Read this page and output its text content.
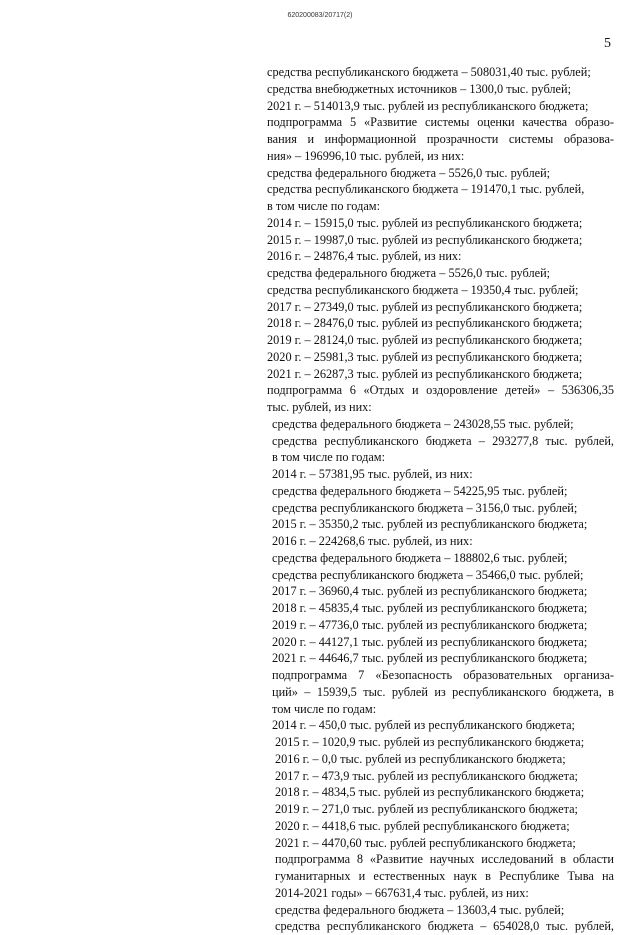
620200083/20717(2)
5
средства республиканского бюджета – 508031,40 тыс. рублей;
средства внебюджетных источников – 1300,0 тыс. рублей;
2021 г. – 514013,9 тыс. рублей из республиканского бюджета;
подпрограмма 5 «Развитие системы оценки качества образо-
вания и информационной прозрачности системы образова-
ния» – 196996,10 тыс. рублей, из них:
средства федерального бюджета – 5526,0 тыс. рублей;
средства республиканского бюджета – 191470,1 тыс. рублей,
в том числе по годам:
2014 г. – 15915,0 тыс. рублей из республиканского бюджета;
2015 г. – 19987,0 тыс. рублей из республиканского бюджета;
2016 г. – 24876,4 тыс. рублей, из них:
средства федерального бюджета – 5526,0 тыс. рублей;
средства республиканского бюджета – 19350,4 тыс. рублей;
2017 г. – 27349,0 тыс. рублей из республиканского бюджета;
2018 г. – 28476,0 тыс. рублей из республиканского бюджета;
2019 г. – 28124,0 тыс. рублей из республиканского бюджета;
2020 г. – 25981,3 тыс. рублей из республиканского бюджета;
2021 г. – 26287,3 тыс. рублей из республиканского бюджета;
подпрограмма 6 «Отдых и оздоровление детей» – 536306,35
тыс. рублей, из них:
средства федерального бюджета – 243028,55 тыс. рублей;
средства республиканского бюджета – 293277,8 тыс. рублей,
в том числе по годам:
2014 г. – 57381,95 тыс. рублей, из них:
средства федерального бюджета – 54225,95 тыс. рублей;
средства республиканского бюджета – 3156,0 тыс. рублей;
2015 г. – 35350,2 тыс. рублей из республиканского бюджета;
2016 г. – 224268,6 тыс. рублей, из них:
средства федерального бюджета – 188802,6 тыс. рублей;
средства республиканского бюджета – 35466,0 тыс. рублей;
2017 г. – 36960,4 тыс. рублей из республиканского бюджета;
2018 г. – 45835,4 тыс. рублей из республиканского бюджета;
2019 г. – 47736,0 тыс. рублей из республиканского бюджета;
2020 г. – 44127,1 тыс. рублей из республиканского бюджета;
2021 г. – 44646,7 тыс. рублей из республиканского бюджета;
подпрограмма 7 «Безопасность образовательных организа-
ций» – 15939,5 тыс. рублей из республиканского бюджета, в
том числе по годам:
2014 г. – 450,0 тыс. рублей из республиканского бюджета;
2015 г. – 1020,9 тыс. рублей из республиканского бюджета;
2016 г. – 0,0 тыс. рублей из республиканского бюджета;
2017 г. – 473,9 тыс. рублей из республиканского бюджета;
2018 г. – 4834,5 тыс. рублей из республиканского бюджета;
2019 г. – 271,0 тыс. рублей из республиканского бюджета;
2020 г. – 4418,6 тыс. рублей республиканского бюджета;
2021 г. – 4470,60 тыс. рублей республиканского бюджета;
подпрограмма 8 «Развитие научных исследований в области
гуманитарных и естественных наук в Республике Тыва на
2014-2021 годы» – 667631,4 тыс. рублей, из них:
средства федерального бюджета – 13603,4 тыс. рублей;
средства республиканского бюджета – 654028,0 тыс. рублей,
